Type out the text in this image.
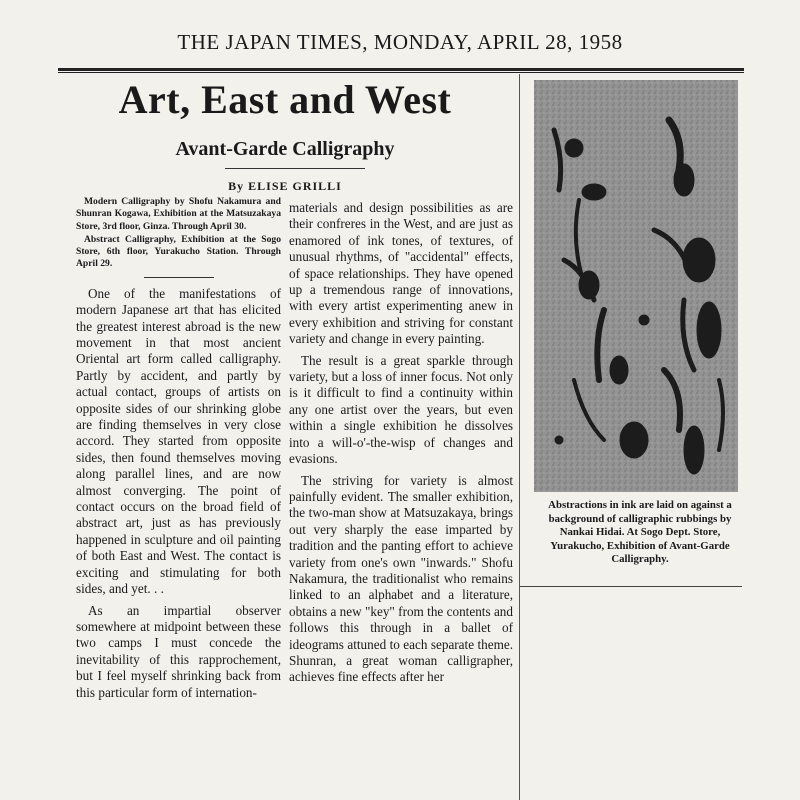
THE JAPAN TIMES, MONDAY, APRIL 28, 1958
Art, East and West
Avant-Garde Calligraphy
By ELISE GRILLI
Modern Calligraphy by Shofu Nakamura and Shunran Kogawa, Exhibition at the Matsuzakaya Store, 3rd floor, Ginza. Through April 30.
Abstract Calligraphy, Exhibition at the Sogo Store, 6th floor, Yurakucho Station. Through April 29.

One of the manifestations of modern Japanese art that has elicited the greatest interest abroad is the new movement in that most ancient Oriental art form called calligraphy. Partly by accident, and partly by actual contact, groups of artists on opposite sides of our shrinking globe are finding themselves in very close accord. They started from opposite sides, then found themselves moving along parallel lines, and are now almost converging. The point of contact occurs on the broad field of abstract art, just as has previously happened in sculpture and oil painting of both East and West. The contact is exciting and stimulating for both sides, and yet. . .

As an impartial observer somewhere at midpoint between these two camps I must concede the inevitability of this rapprochement, but I feel myself shrinking back from this particular form of internation-

materials and design possibilities as are their confreres in the West, and are just as enamored of ink tones, of textures, of unusual rhythms, of "accidental" effects, of space relationships. They have opened up a tremendous range of innovations, with every artist experimenting anew in every exhibition and striving for constant variety and change in every painting.

The result is a great sparkle through variety, but a loss of inner focus. Not only is it difficult to find a continuity within any one artist over the years, but even within a single exhibition he dissolves into a will-o'-the-wisp of changes and evasions.

The striving for variety is almost painfully evident. The smaller exhibition, the two-man show at Matsuzakaya, brings out very sharply the ease imparted by tradition and the panting effort to achieve variety from one's own "inwards." Shofu Nakamura, the traditionalist who remains linked to an alphabet and a literature, obtains a new "key" from the contents and follows this through in a ballet of ideograms attuned to each separate theme. Shunran, a great woman calligrapher, achieves fine effects after her

Abstractions in ink are laid on against a background of calligraphic rubbings by Nankai Hidai. At Sogo Dept. Store, Yurakucho, Exhibition of Avant-Garde Calligraphy.
